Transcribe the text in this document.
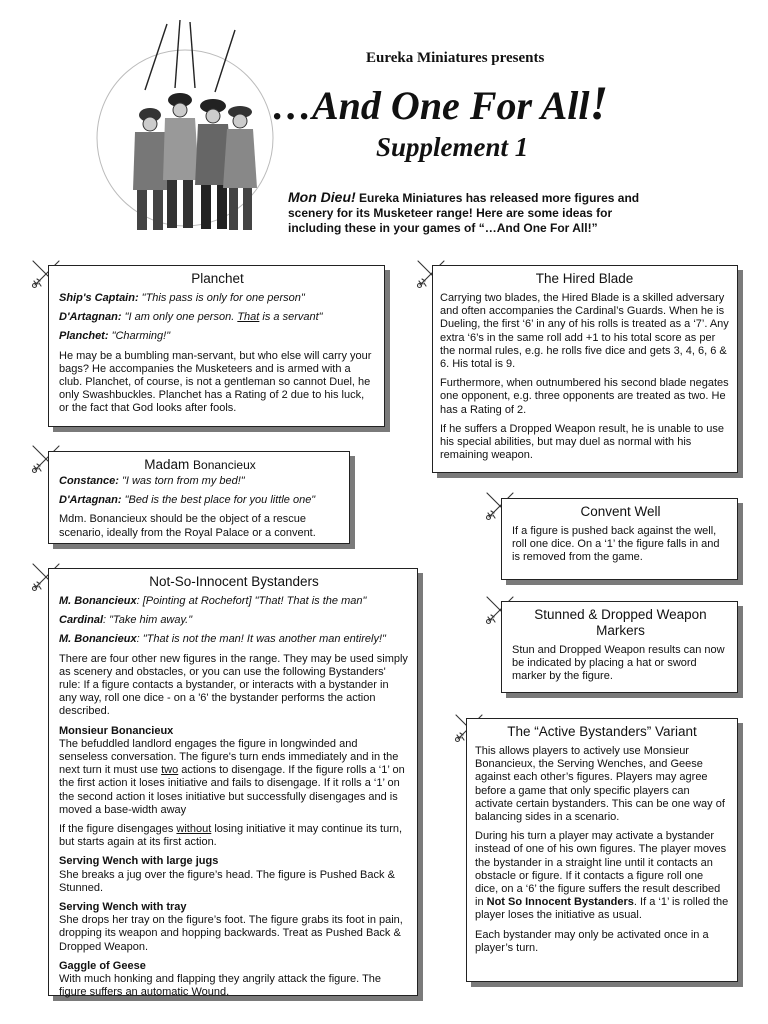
Eureka Miniatures presents
…And One For All!
Supplement 1
Mon Dieu! Eureka Miniatures has released more figures and scenery for its Musketeer range! Here are some ideas for including these in your games of “…And One For All!”
Planchet

Ship's Captain: "This pass is only for one person"

D'Artagnan: "I am only one person. That is a servant"

Planchet: "Charming!"

He may be a bumbling man-servant, but who else will carry your bags? He accompanies the Musketeers and is armed with a club. Planchet, of course, is not a gentleman so cannot Duel, he only Swashbuckles. Planchet has a Rating of 2 due to his luck, or the fact that God looks after fools.

Madam Bonancieux

Constance: "I was torn from my bed!"

D'Artagnan: "Bed is the best place for you little one"

Mdm. Bonancieux should be the object of a rescue scenario, ideally from the Royal Palace or a convent.

Not-So-Innocent Bystanders

M. Bonancieux: [Pointing at Rochefort] "That! That is the man"

Cardinal: "Take him away."

M. Bonancieux: "That is not the man! It was another man entirely!"

There are four other new figures in the range. They may be used simply as scenery and obstacles, or you can use the following Bystanders' rule: If a figure contacts a bystander, or interacts with a bystander in any way, roll one dice - on a '6' the bystander performs the action described.

Monsieur Bonancieux
The befuddled landlord engages the figure in longwinded and senseless conversation. The figure's turn ends immediately and in the next turn it must use two actions to disengage. If the figure rolls a ‘1’ on the first action it loses initiative and fails to disengage. If it rolls a ‘1’ on the second action it loses initiative but successfully disengages and is moved a base-width away

If the figure disengages without losing initiative it may continue its turn, but starts again at its first action.

Serving Wench with large jugs
She breaks a jug over the figure’s head. The figure is Pushed Back & Stunned.

Serving Wench with tray
She drops her tray on the figure’s foot. The figure grabs its foot in pain, dropping its weapon and hopping backwards. Treat as Pushed Back & Dropped Weapon.

Gaggle of Geese
With much honking and flapping they angrily attack the figure. The figure suffers an automatic Wound.

The Hired Blade

Carrying two blades, the Hired Blade is a skilled adversary and often accompanies the Cardinal’s Guards. When he is Dueling, the first ‘6’ in any of his rolls is treated as a ‘7’. Any extra ‘6’s in the same roll add +1 to his total score as per the normal rules, e.g. he rolls five dice and gets 3, 4, 6, 6 & 6. His total is 9.

Furthermore, when outnumbered his second blade negates one opponent, e.g. three opponents are treated as two. He has a Rating of 2.

If he suffers a Dropped Weapon result, he is unable to use his special abilities, but may duel as normal with his remaining weapon.

Convent Well

If a figure is pushed back against the well, roll one dice. On a ‘1’ the figure falls in and is removed from the game.

Stunned & Dropped Weapon Markers

Stun and Dropped Weapon results can now be indicated by placing a hat or sword marker by the figure.

The “Active Bystanders” Variant

This allows players to actively use Monsieur Bonancieux, the Serving Wenches, and Geese against each other’s figures. Players may agree before a game that only specific players can activate certain bystanders. This can be one way of balancing sides in a scenario.

During his turn a player may activate a bystander instead of one of his own figures. The player moves the bystander in a straight line until it contacts an obstacle or figure. If it contacts a figure roll one dice, on a ‘6’ the figure suffers the result described in Not So Innocent Bystanders. If a ‘1’ is rolled the player loses the initiative as usual.

Each bystander may only be activated once in a player’s turn.
